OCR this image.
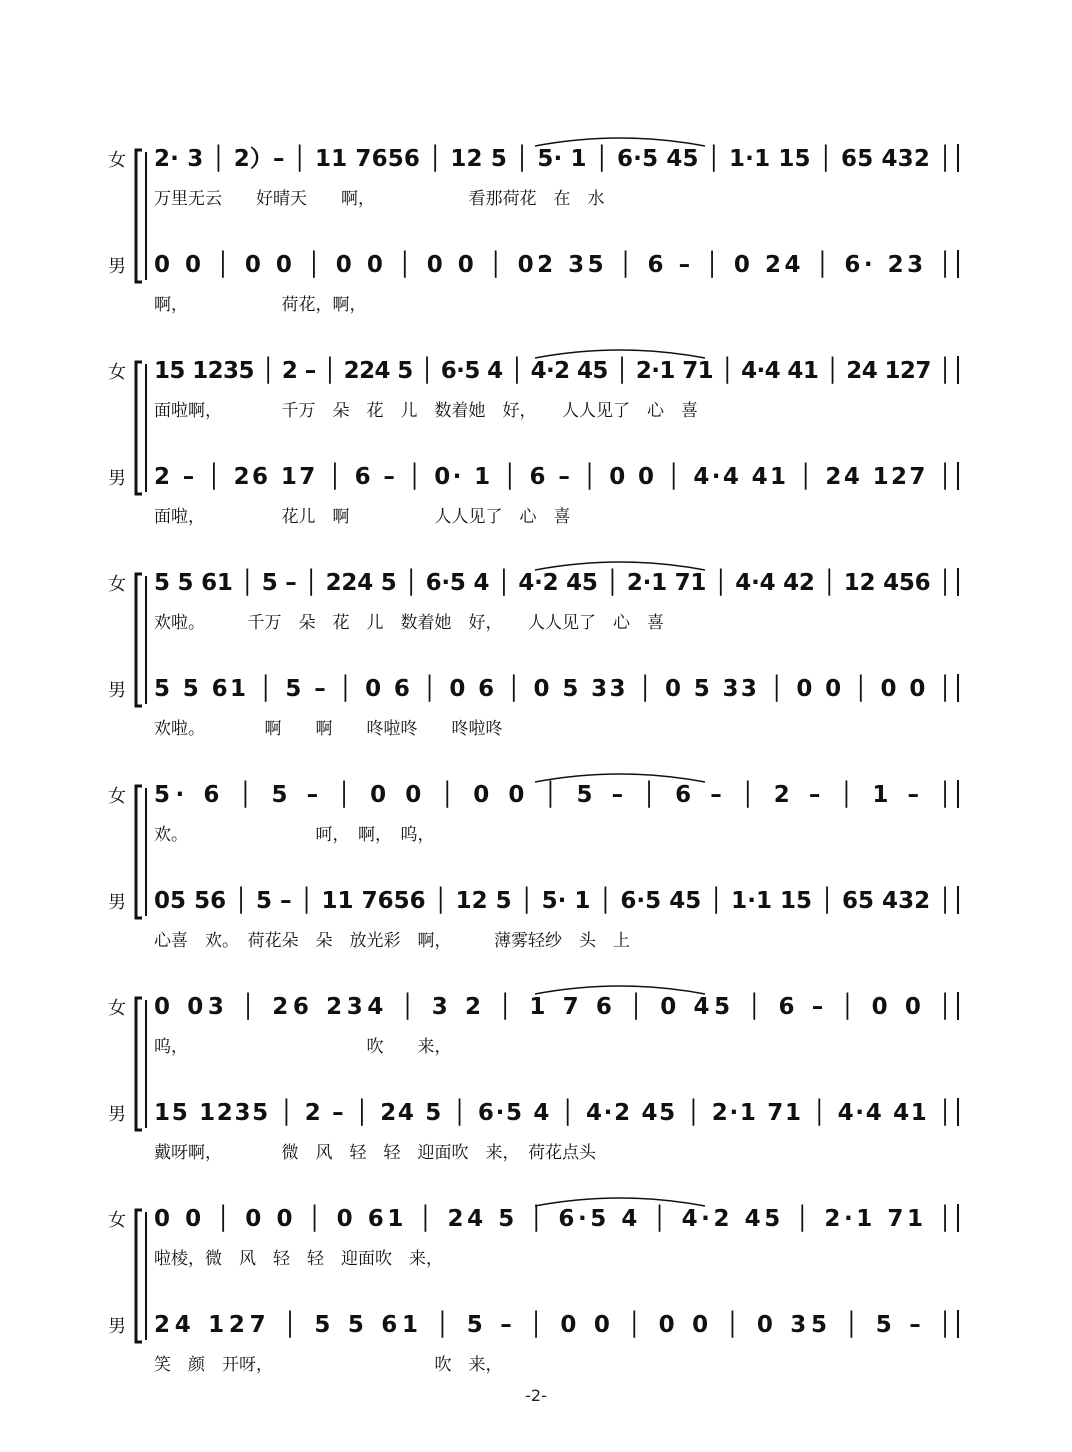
女 2· 3 │ 2）– │ 11 7656 │ 12 5 │ 5· 1 │ 6·5 45 │ 1·1 15 │ 65 432 │
万里无云　　好晴天　　啊，　　　　　　看那荷花　在　水
男 0 0 │ 0 0 │ 0 0 │ 0 0 │ 02 35 │ 6 – │ 0 24 │ 6· 23 │
啊，　　　　　　荷花，啊，
女 15 1235 │ 2 – │ 224 5 │ 6·5 4 │ 4·2 45 │ 2·1 71 │ 4·4 41 │ 24 127 │
面啦啊，　　　　千万　朵　花　儿　数着她　好，　　人人见了　心　喜
男 2 – │ 26 17 │ 6 – │ 0· 1 │ 6 – │ 0 0 │ 4·4 41 │ 24 127 │
面啦，　　　　　花儿　啊　　　　　人人见了　心　喜
女 5 5 61 │ 5 – │ 224 5 │ 6·5 4 │ 4·2 45 │ 2·1 71 │ 4·4 42 │ 12 456 │
欢啦。　　　千万　朵　花　儿　数着她　好，　　人人见了　心　喜
男 5 5 61 │ 5 – │ 0 6 │ 0 6 │ 0 5 33 │ 0 5 33 │ 0 0 │ 0 0 │
欢啦。　　　　啊　　啊　　咚啦咚　　咚啦咚
女 5· 6 │ 5 – │ 0 0 │ 0 0 │ 5 – │ 6 – │ 2 – │ 1 – │
欢。　　　　　　　　呵，　啊，　呜，
男 05 56 │ 5 – │ 11 7656 │ 12 5 │ 5· 1 │ 6·5 45 │ 1·1 15 │ 65 432 │
心喜　欢。　荷花朵　朵　放光彩　啊，　　　薄雾轻纱　头　上
女 0 03 │ 26 234 │ 3 2 │ 1 7 6 │ 0 45 │ 6 – │ 0 0 │
呜，　　　　　　　　　　　吹　　来，
男 15 1235 │ 2 – │ 24 5 │ 6·5 4 │ 4·2 45 │ 2·1 71 │ 4·4 41 │
戴呀啊，　　　　微　风　轻　轻　迎面吹　来，　荷花点头
女 0 0 │ 0 0 │ 0 61 │ 24 5 │ 6·5 4 │ 4·2 45 │ 2·1 71 │
啦棱，微　风　轻　轻　迎面吹　来，
男 24 127 │ 5 5 61 │ 5 – │ 0 0 │ 0 0 │ 0 35 │ 5 – │
笑　颜　开呀，　　　　　　　　　　吹　来，
-2-
